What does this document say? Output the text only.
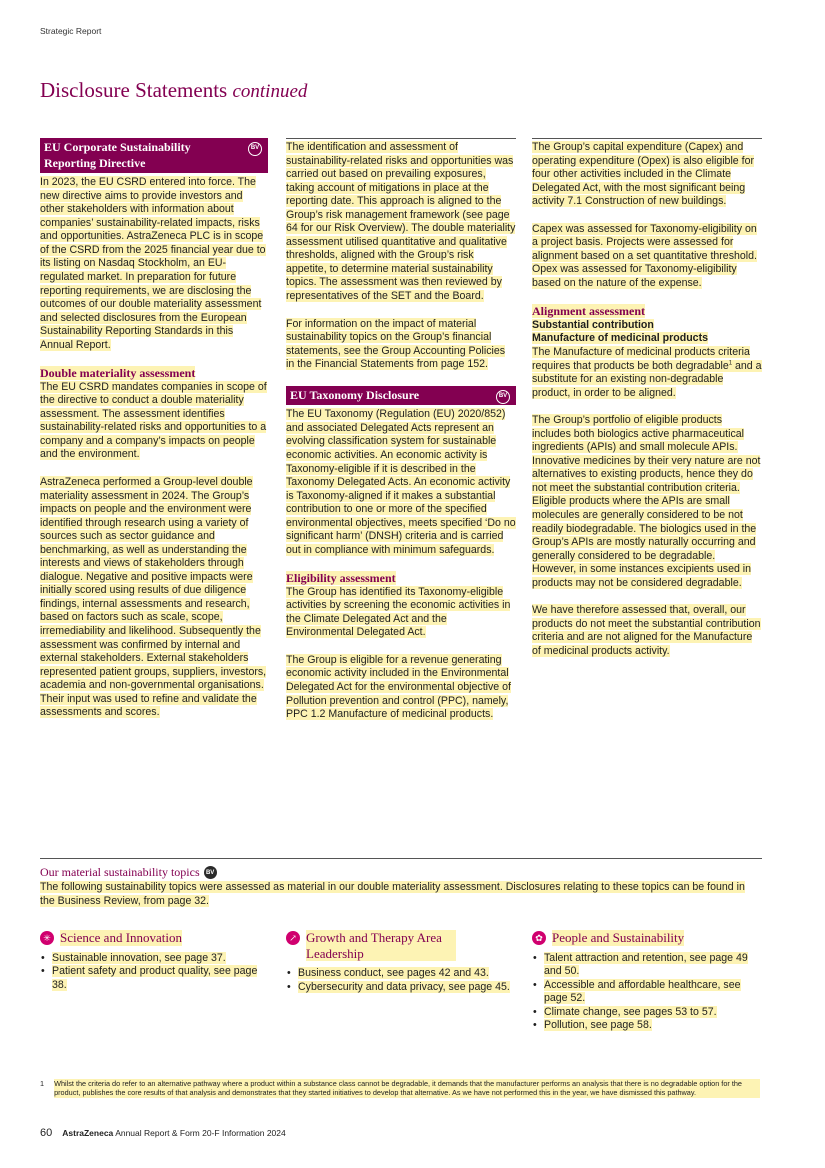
Strategic Report
Disclosure Statements continued
EU Corporate Sustainability Reporting Directive
BV

In 2023, the EU CSRD entered into force. The new directive aims to provide investors and other stakeholders with information about companies’ sustainability-related impacts, risks and opportunities. AstraZeneca PLC is in scope of the CSRD from the 2025 financial year due to its listing on Nasdaq Stockholm, an EU-regulated market. In preparation for future reporting requirements, we are disclosing the outcomes of our double materiality assessment and selected disclosures from the European Sustainability Reporting Standards in this Annual Report.

Double materiality assessment

The EU CSRD mandates companies in scope of the directive to conduct a double materiality assessment. The assessment identifies sustainability-related risks and opportunities to a company and a company’s impacts on people and the environment.

AstraZeneca performed a Group-level double materiality assessment in 2024. The Group’s impacts on people and the environment were identified through research using a variety of sources such as sector guidance and benchmarking, as well as understanding the interests and views of stakeholders through dialogue. Negative and positive impacts were initially scored using results of due diligence findings, internal assessments and research, based on factors such as scale, scope, irremediability and likelihood. Subsequently the assessment was confirmed by internal and external stakeholders. External stakeholders represented patient groups, suppliers, investors, academia and non-governmental organisations. Their input was used to refine and validate the assessments and scores.

The identification and assessment of sustainability-related risks and opportunities was carried out based on prevailing exposures, taking account of mitigations in place at the reporting date. This approach is aligned to the Group’s risk management framework (see page 64 for our Risk Overview). The double materiality assessment utilised quantitative and qualitative thresholds, aligned with the Group’s risk appetite, to determine material sustainability topics. The assessment was then reviewed by representatives of the SET and the Board.

For information on the impact of material sustainability topics on the Group’s financial statements, see the Group Accounting Policies in the Financial Statements from page 152.

EU Taxonomy Disclosure	BV

The EU Taxonomy (Regulation (EU) 2020/852) and associated Delegated Acts represent an evolving classification system for sustainable economic activities. An economic activity is Taxonomy-eligible if it is described in the Taxonomy Delegated Acts. An economic activity is Taxonomy-aligned if it makes a substantial contribution to one or more of the specified environmental objectives, meets specified ‘Do no significant harm’ (DNSH) criteria and is carried out in compliance with minimum safeguards.

Eligibility assessment

The Group has identified its Taxonomy-eligible activities by screening the economic activities in the Climate Delegated Act and the Environmental Delegated Act.

The Group is eligible for a revenue generating economic activity included in the Environmental Delegated Act for the environmental objective of Pollution prevention and control (PPC), namely, PPC 1.2 Manufacture of medicinal products.

The Group’s capital expenditure (Capex) and operating expenditure (Opex) is also eligible for four other activities included in the Climate Delegated Act, with the most significant being activity 7.1 Construction of new buildings.

Capex was assessed for Taxonomy-eligibility on a project basis. Projects were assessed for alignment based on a set quantitative threshold. Opex was assessed for Taxonomy-eligibility based on the nature of the expense.

Alignment assessment
Substantial contribution
Manufacture of medicinal products

The Manufacture of medicinal products criteria requires that products be both degradable$^1$ and a substitute for an existing non-degradable product, in order to be aligned.

The Group’s portfolio of eligible products includes both biologics active pharmaceutical ingredients (APIs) and small molecule APIs. Innovative medicines by their very nature are not alternatives to existing products, hence they do not meet the substantial contribution criteria. Eligible products where the APIs are small molecules are generally considered to be not readily biodegradable. The biologics used in the Group’s APIs are mostly naturally occurring and generally considered to be degradable. However, in some instances excipients used in products may not be considered degradable.

We have therefore assessed that, overall, our products do not meet the substantial contribution criteria and are not aligned for the Manufacture of medicinal products activity.

Our material sustainability topics	BV
The following sustainability topics were assessed as material in our double materiality assessment. Disclosures relating to these topics can be found in the Business Review, from page 32.
✳ Science and Innovation
• Sustainable innovation, see page 37.
• Patient safety and product quality, see page 38.
↗ Growth and Therapy Area Leadership
• Business conduct, see pages 42 and 43.
• Cybersecurity and data privacy, see page 45.
✿ People and Sustainability
• Talent attraction and retention, see page 49 and 50.
• Accessible and affordable healthcare, see page 52.
• Climate change, see pages 53 to 57.
• Pollution, see page 58.
1 Whilst the criteria do refer to an alternative pathway where a product within a substance class cannot be degradable, it demands that the manufacturer performs an analysis that there is no degradable option for the product, publishes the core results of that analysis and demonstrates that they started initiatives to develop that alternative. As we have not performed this in the year, we have dismissed this pathway.
60 AstraZeneca Annual Report & Form 20-F Information 2024
